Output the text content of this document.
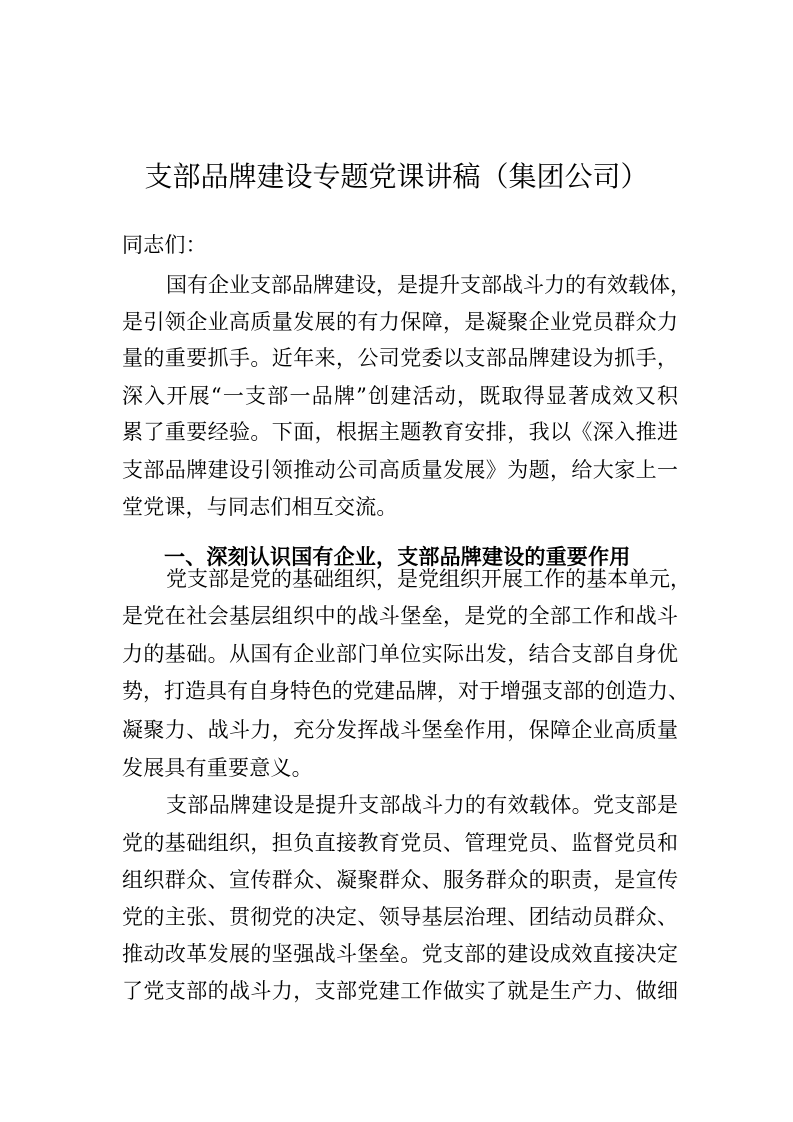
支部品牌建设专题党课讲稿（集团公司）
同志们：
国有企业支部品牌建设，是提升支部战斗力的有效载体，
是引领企业高质量发展的有力保障，是凝聚企业党员群众力
量的重要抓手。近年来，公司党委以支部品牌建设为抓手，
深入开展“一支部一品牌”创建活动，既取得显著成效又积
累了重要经验。下面，根据主题教育安排，我以《深入推进
支部品牌建设引领推动公司高质量发展》为题，给大家上一
堂党课，与同志们相互交流。
一、深刻认识国有企业，支部品牌建设的重要作用
党支部是党的基础组织，是党组织开展工作的基本单元，
是党在社会基层组织中的战斗堡垒，是党的全部工作和战斗
力的基础。从国有企业部门单位实际出发，结合支部自身优
势，打造具有自身特色的党建品牌，对于增强支部的创造力、
凝聚力、战斗力，充分发挥战斗堡垒作用，保障企业高质量
发展具有重要意义。
支部品牌建设是提升支部战斗力的有效载体。党支部是
党的基础组织，担负直接教育党员、管理党员、监督党员和
组织群众、宣传群众、凝聚群众、服务群众的职责，是宣传
党的主张、贯彻党的决定、领导基层治理、团结动员群众、
推动改革发展的坚强战斗堡垒。党支部的建设成效直接决定
了党支部的战斗力，支部党建工作做实了就是生产力、做细
